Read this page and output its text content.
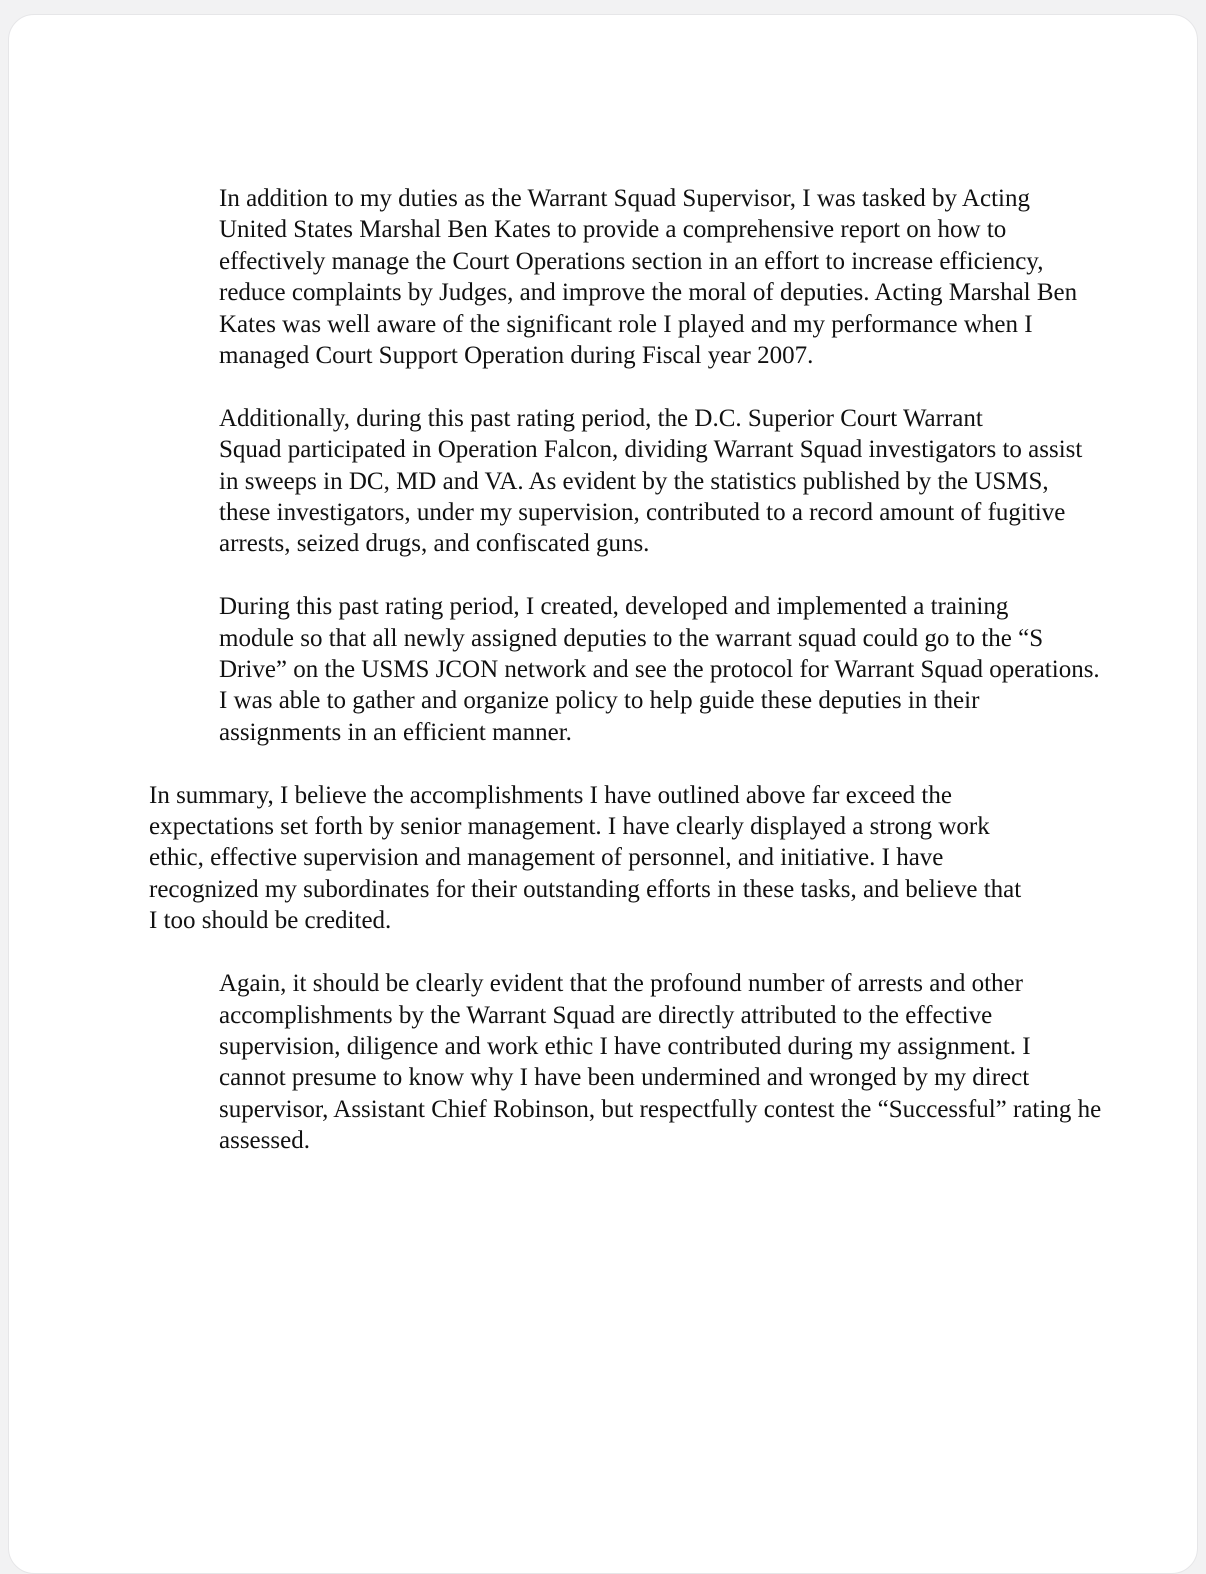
In addition to my duties as the Warrant Squad Supervisor, I was tasked by Acting
United States Marshal Ben Kates to provide a comprehensive report on how to
effectively manage the Court Operations section in an effort to increase efficiency,
reduce complaints by Judges, and improve the moral of deputies. Acting Marshal Ben
Kates was well aware of the significant role I played and my performance when I
managed Court Support Operation during Fiscal year 2007.

Additionally, during this past rating period, the D.C. Superior Court Warrant
Squad participated in Operation Falcon, dividing Warrant Squad investigators to assist
in sweeps in DC, MD and VA. As evident by the statistics published by the USMS,
these investigators, under my supervision, contributed to a record amount of fugitive
arrests, seized drugs, and confiscated guns.

During this past rating period, I created, developed and implemented a training
module so that all newly assigned deputies to the warrant squad could go to the “S
Drive” on the USMS JCON network and see the protocol for Warrant Squad operations.
I was able to gather and organize policy to help guide these deputies in their
assignments in an efficient manner.

In summary, I believe the accomplishments I have outlined above far exceed the
expectations set forth by senior management. I have clearly displayed a strong work
ethic, effective supervision and management of personnel, and initiative. I have
recognized my subordinates for their outstanding efforts in these tasks, and believe that
I too should be credited.

Again, it should be clearly evident that the profound number of arrests and other
accomplishments by the Warrant Squad are directly attributed to the effective
supervision, diligence and work ethic I have contributed during my assignment. I
cannot presume to know why I have been undermined and wronged by my direct
supervisor, Assistant Chief Robinson, but respectfully contest the “Successful” rating he
assessed.
